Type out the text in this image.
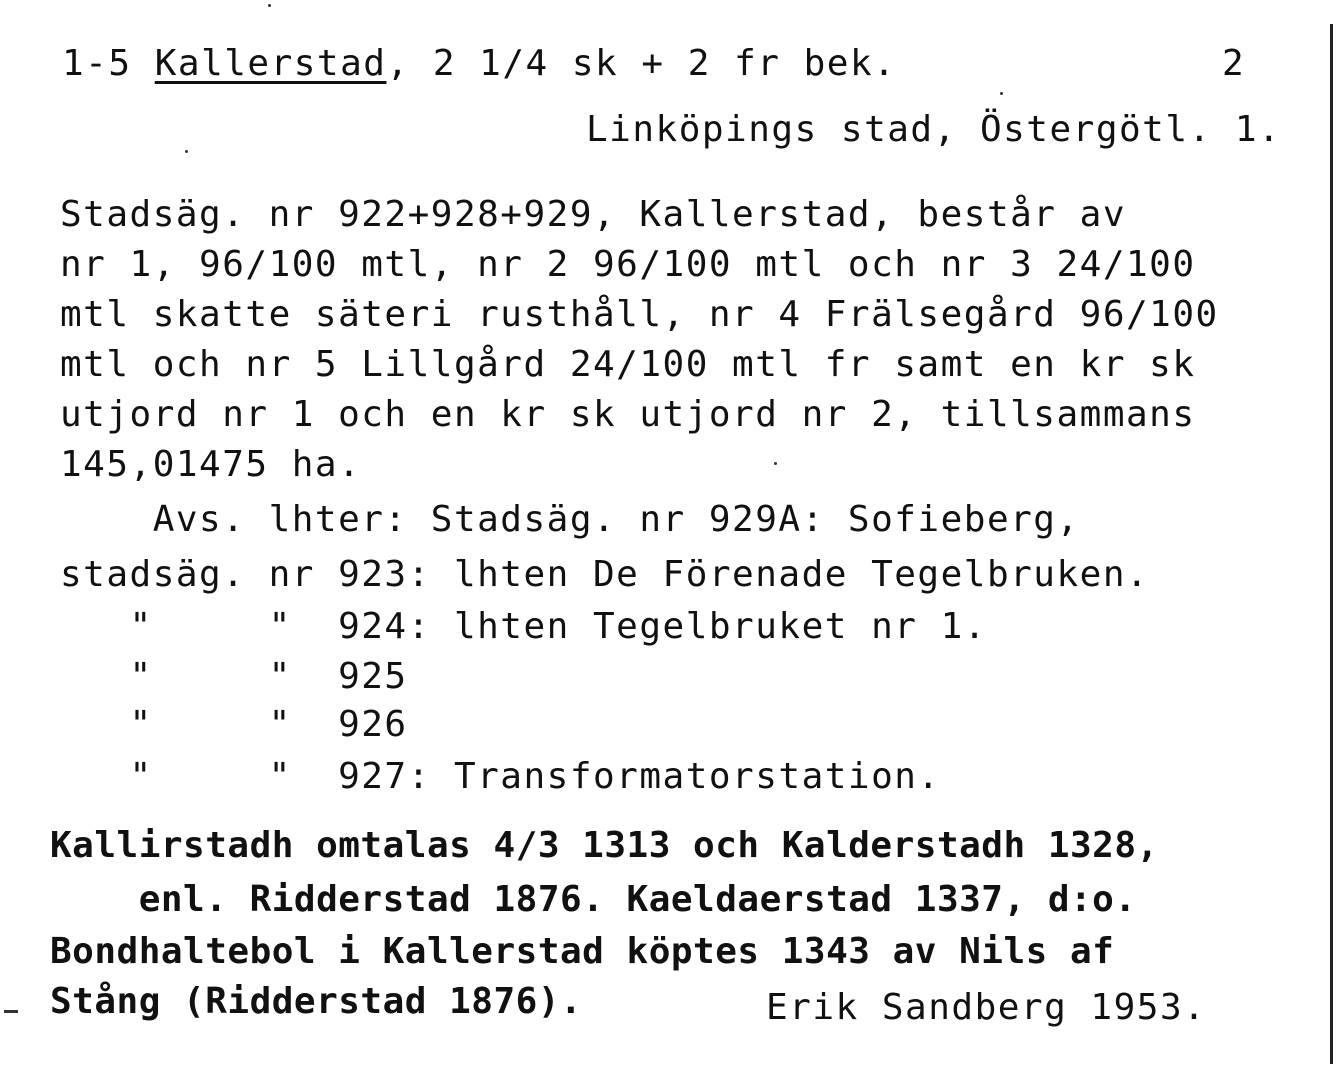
1-5 Kallerstad, 2 1/4 sk + 2 fr bek.	2
Linköpings stad, Östergötl. 1.
Stadsäg. nr 922+928+929, Kallerstad, består av
nr 1, 96/100 mtl, nr 2 96/100 mtl och nr 3 24/100
mtl skatte säteri rusthåll, nr 4 Frälsegård 96/100
mtl och nr 5 Lillgård 24/100 mtl fr samt en kr sk
utjord nr 1 och en kr sk utjord nr 2, tillsammans
145,01475 ha.
Avs. lhter: Stadsäg. nr 929A: Sofieberg,
stadsäg. nr 923: lhten De Förenade Tegelbruken.
"     "  924: lhten Tegelbruket nr 1.
"     "  925
"     "  926
"     "  927: Transformatorstation.
Kallirstadh omtalas 4/3 1313 och Kalderstadh 1328,
enl. Ridderstad 1876. Kaeldaerstad 1337, d:o.
Bondhaltebol i Kallerstad köptes 1343 av Nils af
Stång (Ridderstad 1876).	Erik Sandberg 1953.
